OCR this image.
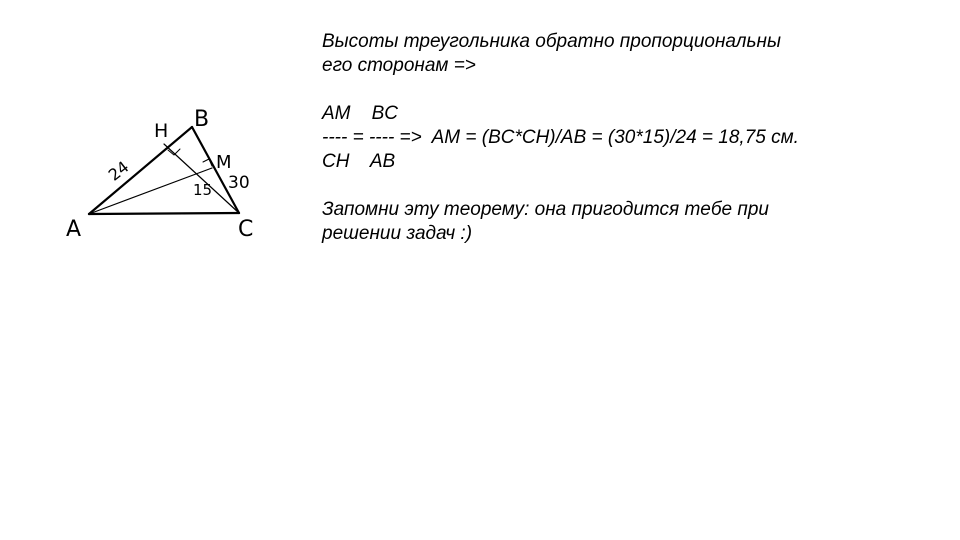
A
B
C
H
M
24	30
15
Высоты треугольника обратно пропорциональны
его сторонам =>
AM    BC
---- = ---- =>  AM = (BC*CH)/AB = (30*15)/24 = 18,75 см.
CH    AB
Запомни эту теорему: она пригодится тебе при
решении задач :)
